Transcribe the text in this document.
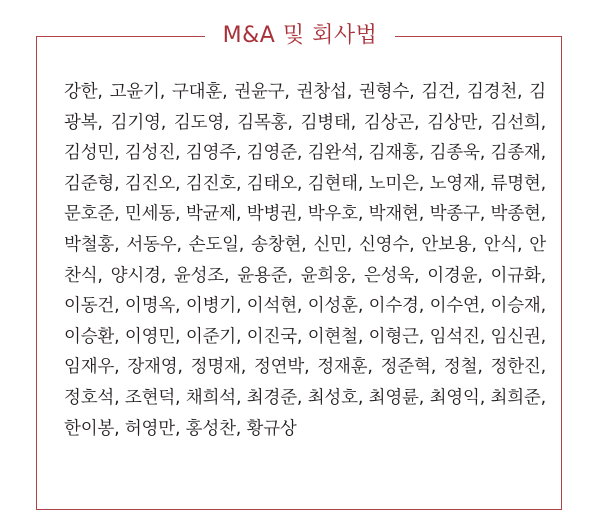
M&A 및 회사법
강한, 고윤기, 구대훈, 권윤구, 권창섭, 권형수, 김건, 김경천, 김광복, 김기영, 김도영, 김목홍, 김병태, 김상곤, 김상만, 김선희, 김성민, 김성진, 김영주, 김영준, 김완석, 김재홍, 김종욱, 김종재, 김준형, 김진오, 김진호, 김태오, 김현태, 노미은, 노영재, 류명현, 문호준, 민세동, 박균제, 박병권, 박우호, 박재현, 박종구, 박종현, 박철홍, 서동우, 손도일, 송창현, 신민, 신영수, 안보용, 안식, 안찬식, 양시경, 윤성조, 윤용준, 윤희웅, 은성욱, 이경윤, 이규화, 이동건, 이명옥, 이병기, 이석현, 이성훈, 이수경, 이수연, 이승재, 이승환, 이영민, 이준기, 이진국, 이현철, 이형근, 임석진, 임신권, 임재우, 장재영, 정명재, 정연박, 정재훈, 정준혁, 정철, 정한진, 정호석, 조현덕, 채희석, 최경준, 최성호, 최영륜, 최영익, 최희준, 한이봉, 허영만, 홍성찬, 황규상
